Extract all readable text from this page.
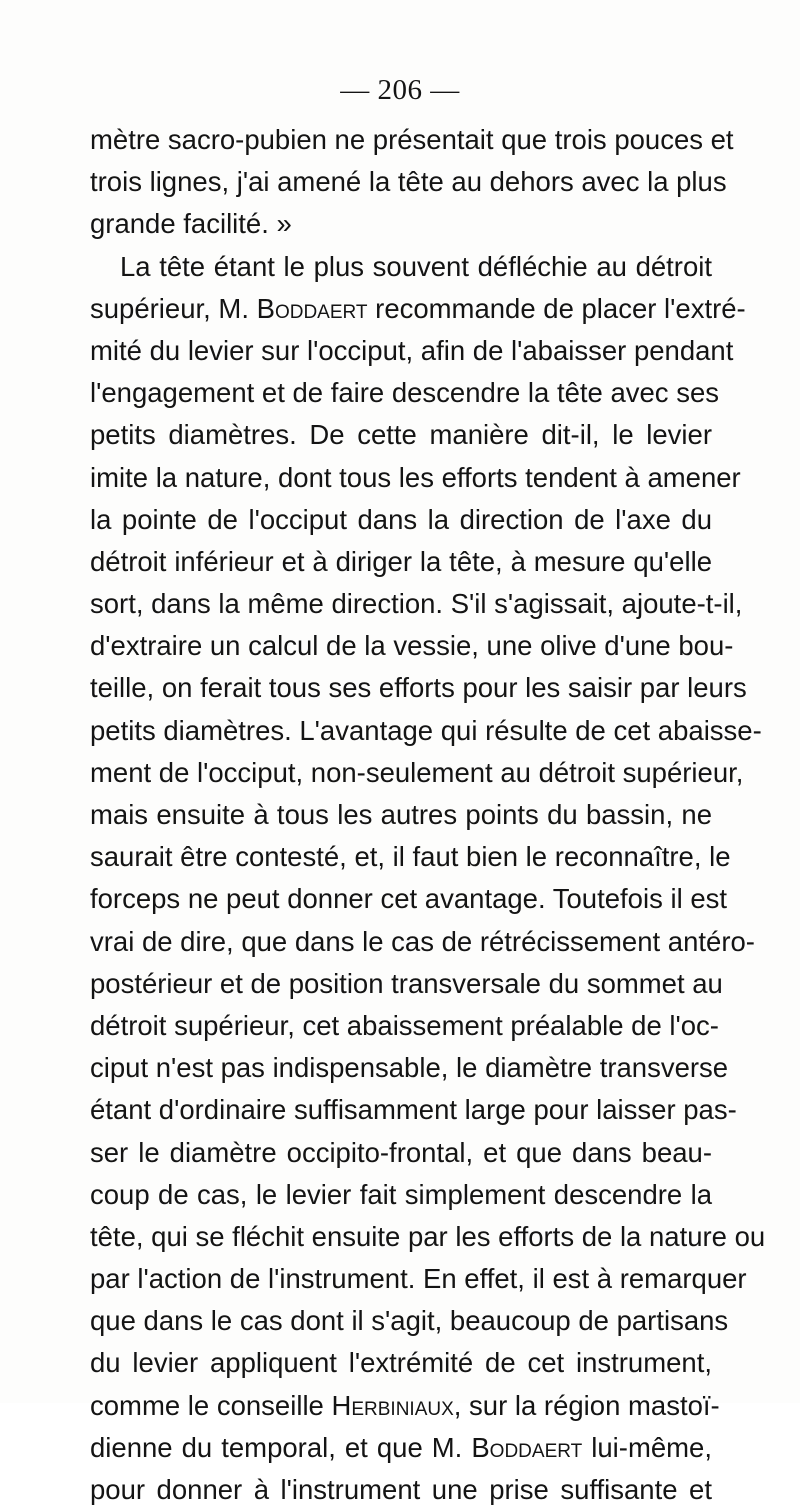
— 206 —
mètre sacro-pubien ne présentait que trois pouces et
trois lignes, j'ai amené la tête au dehors avec la plus
grande facilité. »
La tête étant le plus souvent défléchie au détroit
supérieur, M. Boddaert recommande de placer l'extré-
mité du levier sur l'occiput, afin de l'abaisser pendant
l'engagement et de faire descendre la tête avec ses
petits diamètres. De cette manière dit-il, le levier
imite la nature, dont tous les efforts tendent à amener
la pointe de l'occiput dans la direction de l'axe du
détroit inférieur et à diriger la tête, à mesure qu'elle
sort, dans la même direction. S'il s'agissait, ajoute-t-il,
d'extraire un calcul de la vessie, une olive d'une bou-
teille, on ferait tous ses efforts pour les saisir par leurs
petits diamètres. L'avantage qui résulte de cet abaisse-
ment de l'occiput, non-seulement au détroit supérieur,
mais ensuite à tous les autres points du bassin, ne
saurait être contesté, et, il faut bien le reconnaître, le
forceps ne peut donner cet avantage. Toutefois il est
vrai de dire, que dans le cas de rétrécissement antéro-
postérieur et de position transversale du sommet au
détroit supérieur, cet abaissement préalable de l'oc-
ciput n'est pas indispensable, le diamètre transverse
étant d'ordinaire suffisamment large pour laisser pas-
ser le diamètre occipito-frontal, et que dans beau-
coup de cas, le levier fait simplement descendre la
tête, qui se fléchit ensuite par les efforts de la nature ou
par l'action de l'instrument. En effet, il est à remarquer
que dans le cas dont il s'agit, beaucoup de partisans
du levier appliquent l'extrémité de cet instrument,
comme le conseille Herbiniaux, sur la région mastoï-
dienne du temporal, et que M. Boddaert lui-même,
pour donner à l'instrument une prise suffisante et
